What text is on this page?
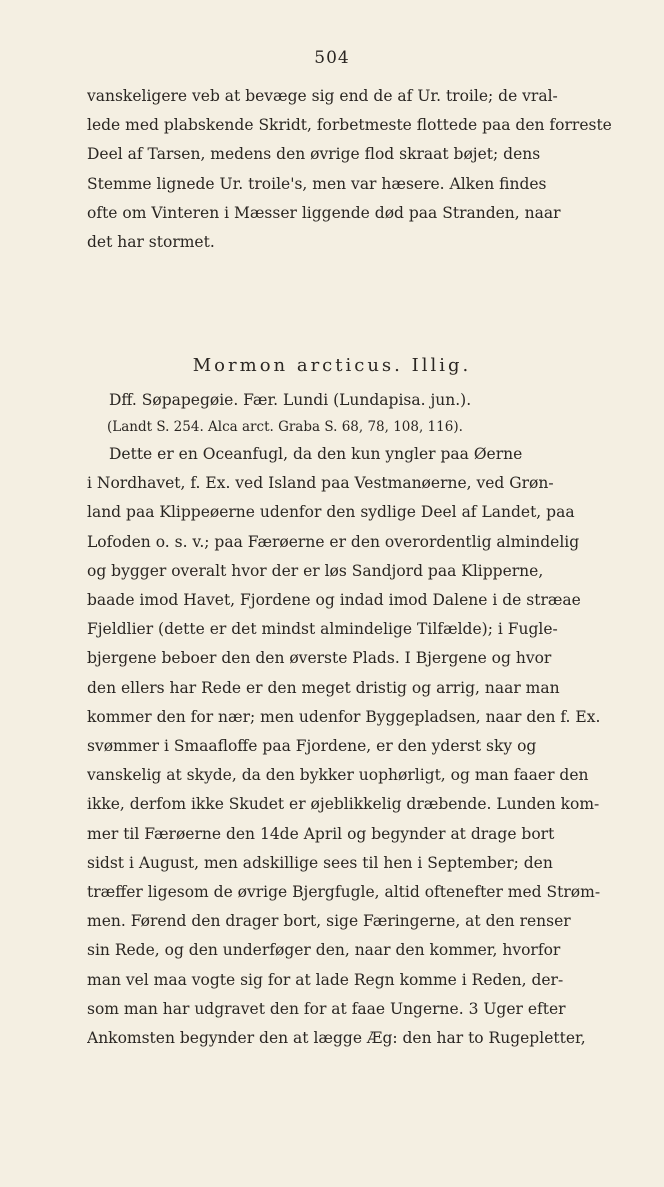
504
vanskeligere veb at bevæge sig end de af Ur. troile; de vral-
lede med plabskende Skridt, forbetmeste flottede paa den forreste
Deel af Tarsen, medens den øvrige flod skraat bøjet; dens
Stemme lignede Ur. troile's, men var hæsere. Alken findes
ofte om Vinteren i Mæsser liggende død paa Stranden, naar
det har stormet.
Mormon arcticus. Illig.
Dff. Søpapegøie. Fær. Lundi (Lundapisa. jun.).
(Landt S. 254. Alca arct. Graba S. 68, 78, 108, 116).
Dette er en Oceanfugl, da den kun yngler paa Øerne
i Nordhavet, f. Ex. ved Island paa Vestmanøerne, ved Grøn-
land paa Klippeøerne udenfor den sydlige Deel af Landet, paa
Lofoden o. s. v.; paa Færøerne er den overordentlig almindelig
og bygger overalt hvor der er løs Sandjord paa Klipperne,
baade imod Havet, Fjordene og indad imod Dalene i de stræae
Fjeldlier (dette er det mindst almindelige Tilfælde); i Fugle-
bjergene beboer den den øverste Plads. I Bjergene og hvor
den ellers har Rede er den meget dristig og arrig, naar man
kommer den for nær; men udenfor Byggepladsen, naar den f. Ex.
svømmer i Smaafloffe paa Fjordene, er den yderst sky og
vanskelig at skyde, da den bykker uophørligt, og man faaer den
ikke, derfom ikke Skudet er øjeblikkelig dræbende. Lunden kom-
mer til Færøerne den 14de April og begynder at drage bort
sidst i August, men adskillige sees til hen i September; den
træffer ligesom de øvrige Bjergfugle, altid oftenefter med Strøm-
men. Førend den drager bort, sige Færingerne, at den renser
sin Rede, og den underføger den, naar den kommer, hvorfor
man vel maa vogte sig for at lade Regn komme i Reden, der-
som man har udgravet den for at faae Ungerne. 3 Uger efter
Ankomsten begynder den at lægge Æg: den har to Rugepletter,
